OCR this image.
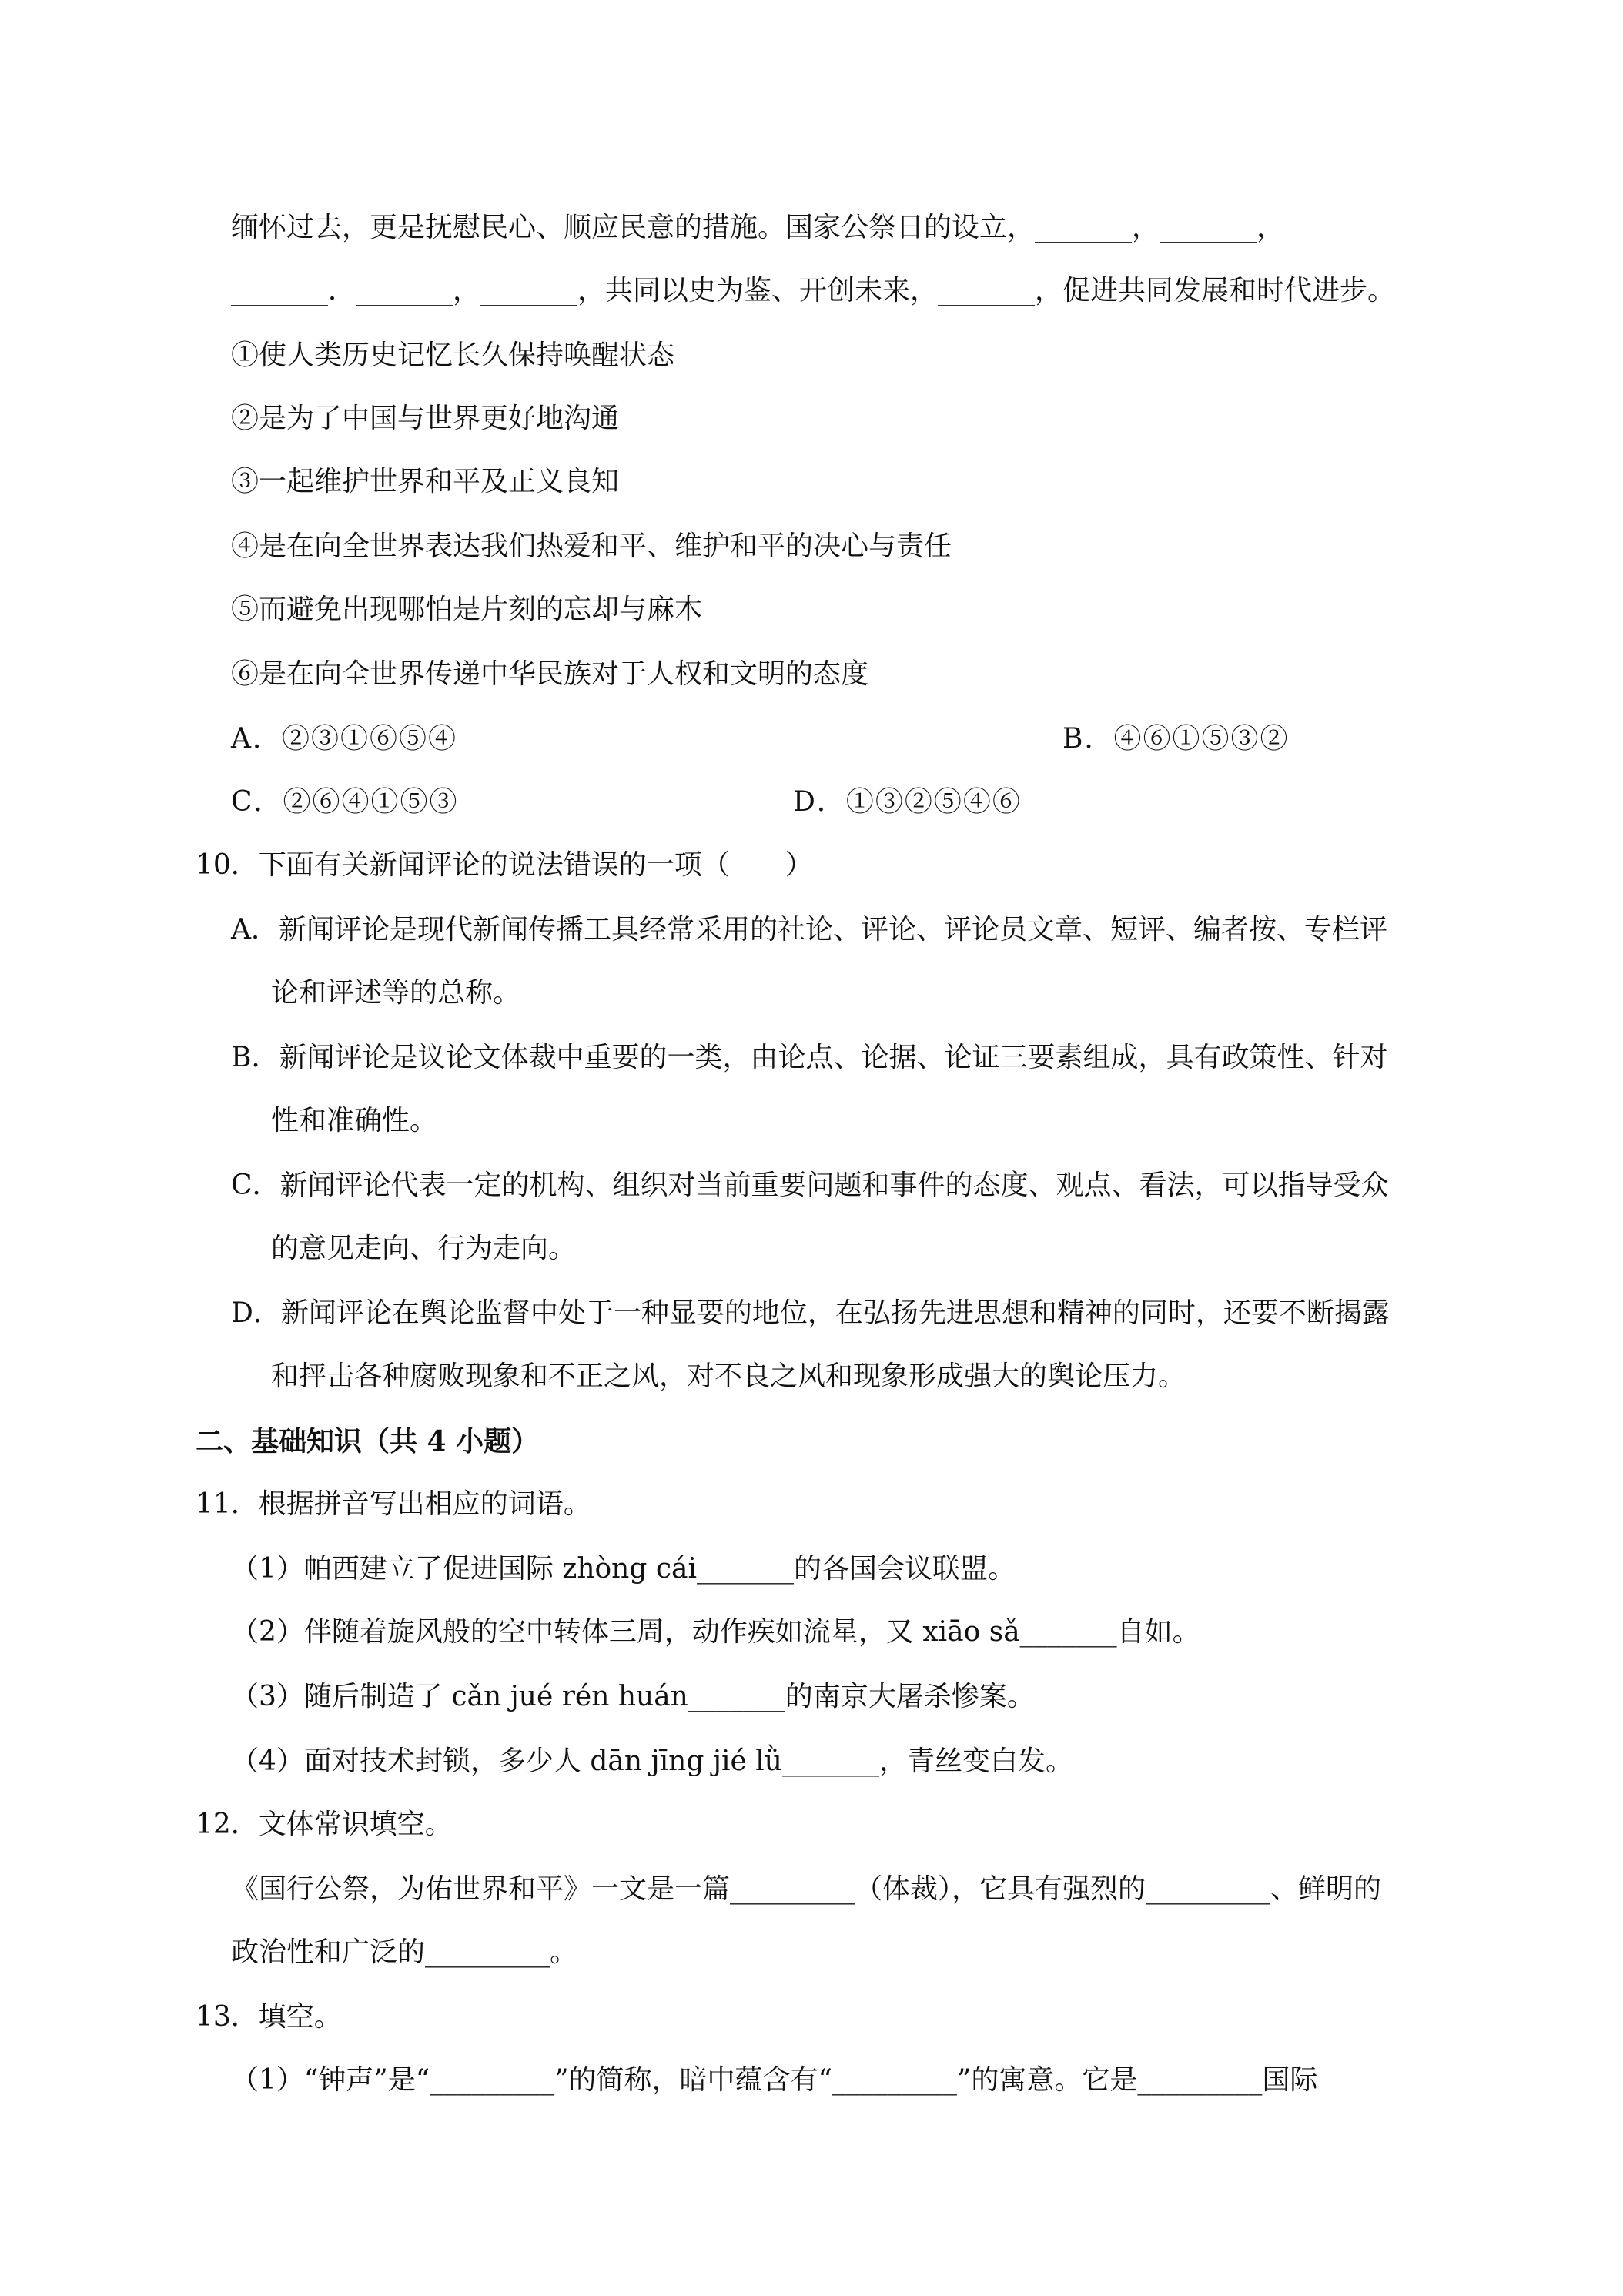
缅怀过去，更是抚慰民心、顺应民意的措施。国家公祭日的设立，_______，_______，
_______．_______，_______，共同以史为鉴、开创未来，_______，促进共同发展和时代进步。
①使人类历史记忆长久保持唤醒状态
②是为了中国与世界更好地沟通
③一起维护世界和平及正义良知
④是在向全世界表达我们热爱和平、维护和平的决心与责任
⑤而避免出现哪怕是片刻的忘却与麻木
⑥是在向全世界传递中华民族对于人权和文明的态度
A．②③①⑥⑤④	B．④⑥①⑤③②
C．②⑥④①⑤③	D．①③②⑤④⑥
10．下面有关新闻评论的说法错误的一项（　　）
A．新闻评论是现代新闻传播工具经常采用的社论、评论、评论员文章、短评、编者按、专栏评
论和评述等的总称。
B．新闻评论是议论文体裁中重要的一类，由论点、论据、论证三要素组成，具有政策性、针对
性和准确性。
C．新闻评论代表一定的机构、组织对当前重要问题和事件的态度、观点、看法，可以指导受众
的意见走向、行为走向。
D．新闻评论在舆论监督中处于一种显要的地位，在弘扬先进思想和精神的同时，还要不断揭露
和抨击各种腐败现象和不正之风，对不良之风和现象形成强大的舆论压力。
二、基础知识（共 4 小题）
11．根据拼音写出相应的词语。
（1）帕西建立了促进国际 zhòng cái_______的各国会议联盟。
（2）伴随着旋风般的空中转体三周，动作疾如流星，又 xiāo sǎ_______自如。
（3）随后制造了 cǎn jué rén huán_______的南京大屠杀惨案。
（4）面对技术封锁，多少人 dān jīng jié lǜ_______，青丝变白发。
12．文体常识填空。
《国行公祭，为佑世界和平》一文是一篇_________（体裁），它具有强烈的_________、鲜明的
政治性和广泛的_________。
13．填空。
（1）“钟声”是“_________”的简称，暗中蕴含有“_________”的寓意。它是_________国际
